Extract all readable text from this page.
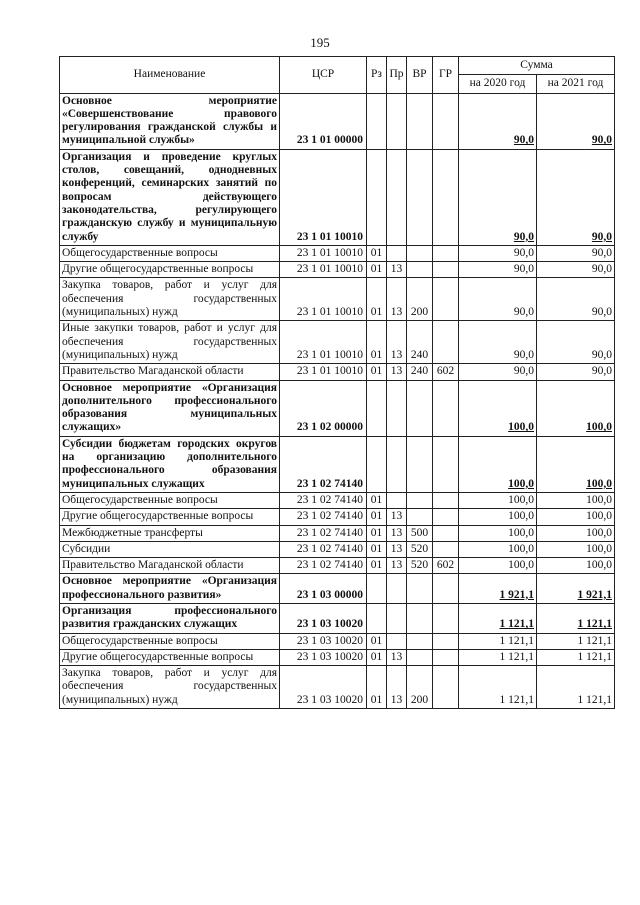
195
Наименование	ЦСР	Рз	Пр	ВР	ГР	Сумма	
						на 2020 год	на 2021 год
Основное мероприятие «Совершенствование правового регулирования гражданской службы и муниципальной службы»	23 1 01 00000					90,0	90,0
Организация и проведение круглых столов, совещаний, однодневных конференций, семинарских занятий по вопросам действующего законодательства, регулирующего гражданскую службу и муниципальную службу	23 1 01 10010					90,0	90,0
Общегосударственные вопросы	23 1 01 10010	01				90,0	90,0
Другие общегосударственные вопросы	23 1 01 10010	01	13			90,0	90,0
Закупка товаров, работ и услуг для обеспечения государственных (муниципальных) нужд	23 1 01 10010	01	13	200		90,0	90,0
Иные закупки товаров, работ и услуг для обеспечения государственных (муниципальных) нужд	23 1 01 10010	01	13	240		90,0	90,0
Правительство Магаданской области	23 1 01 10010	01	13	240	602	90,0	90,0
Основное мероприятие «Организация дополнительного профессионального образования муниципальных служащих»	23 1 02 00000					100,0	100,0
Субсидии бюджетам городских округов на организацию дополнительного профессионального образования муниципальных служащих	23 1 02 74140					100,0	100,0
Общегосударственные вопросы	23 1 02 74140	01				100,0	100,0
Другие общегосударственные вопросы	23 1 02 74140	01	13			100,0	100,0
Межбюджетные трансферты	23 1 02 74140	01	13	500		100,0	100,0
Субсидии	23 1 02 74140	01	13	520		100,0	100,0
Правительство Магаданской области	23 1 02 74140	01	13	520	602	100,0	100,0
Основное мероприятие «Организация профессионального развития»	23 1 03 00000					1 921,1	1 921,1
Организация профессионального развития гражданских служащих	23 1 03 10020					1 121,1	1 121,1
Общегосударственные вопросы	23 1 03 10020	01				1 121,1	1 121,1
Другие общегосударственные вопросы	23 1 03 10020	01	13			1 121,1	1 121,1
Закупка товаров, работ и услуг для обеспечения государственных (муниципальных) нужд	23 1 03 10020	01	13	200		1 121,1	1 121,1
